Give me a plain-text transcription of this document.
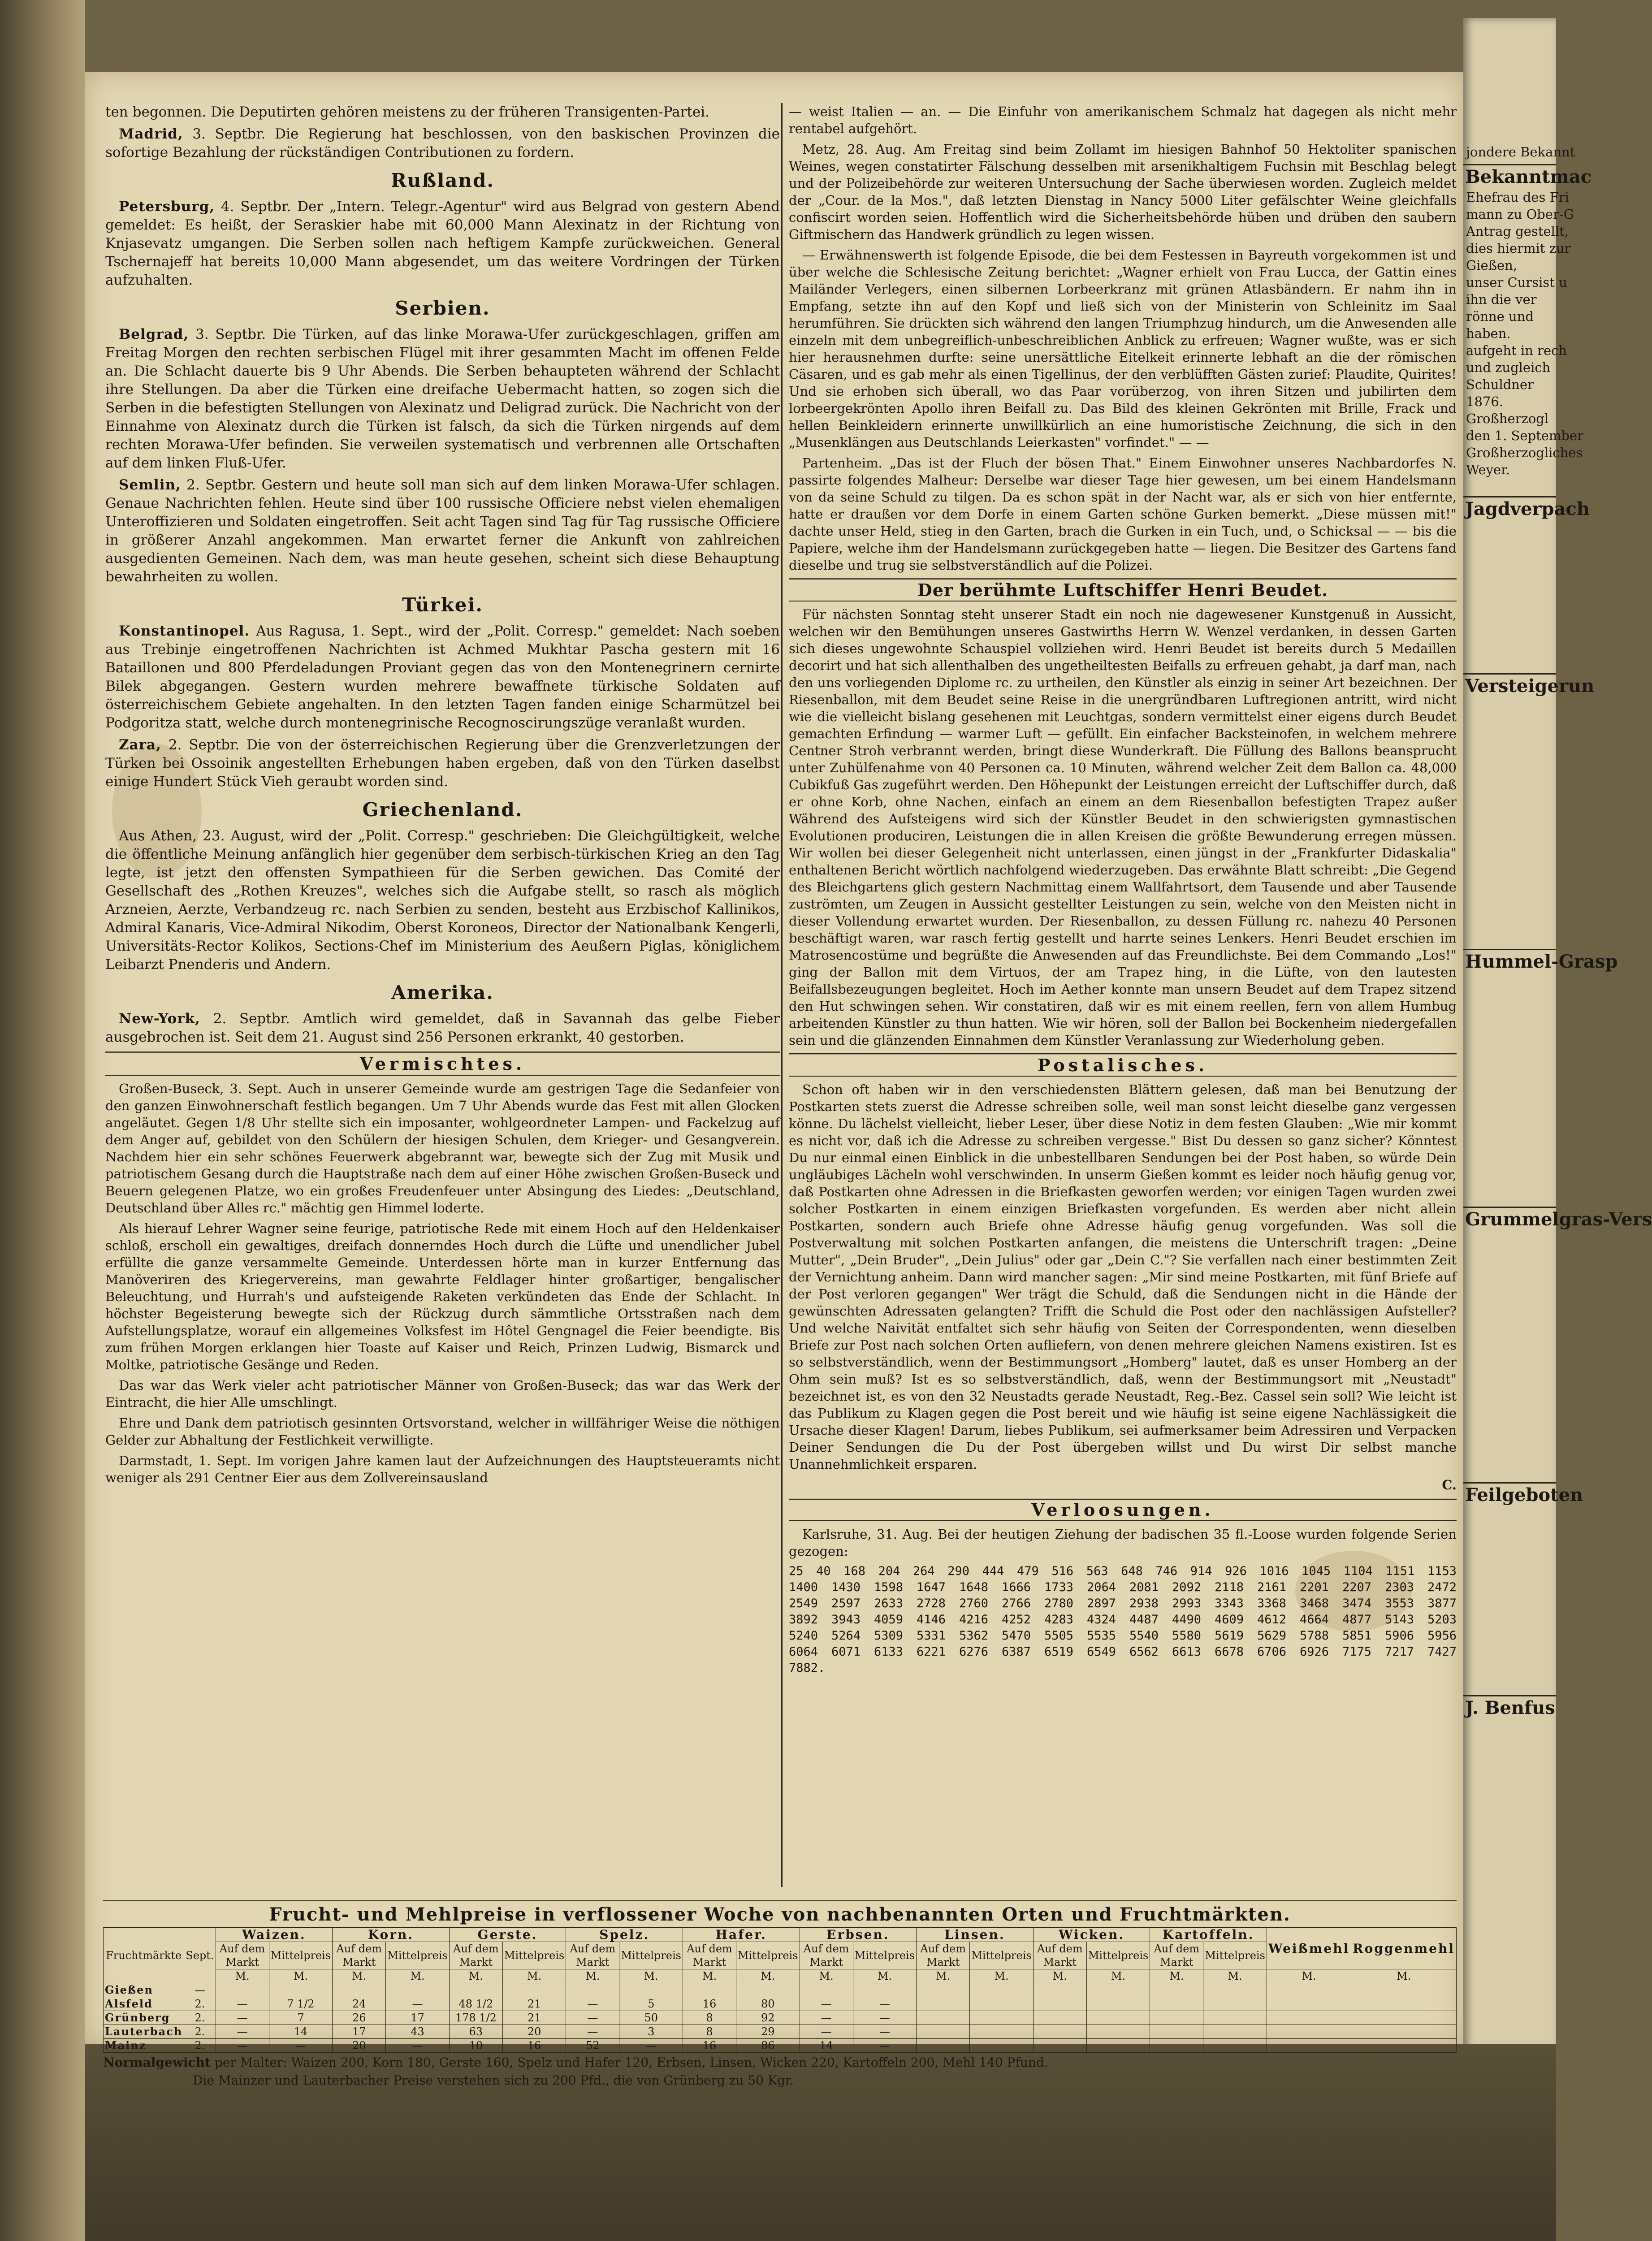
jondere Bekannt
Bekanntmac
Ehefrau des Fri
mann zu Ober-G
Antrag gestellt,
dies hiermit zur
Gießen,
unser Cursist u
ihn die ver
rönne und
haben.
aufgeht in rech
und zugleich
Schuldner
1876.
Großherzogl
den 1. September
Großherzogliches
Weyer.
Jagdverpach
Versteigerun
Hummel-Grasp
Grummelgras-Vers
Feilgeboten
J. Benfus

ten begonnen. Die Deputirten gehören meistens zu der früheren Transigenten-Partei.

Madrid, 3. Septbr. Die Regierung hat beschlossen, von den baskischen Provinzen die sofortige Bezahlung der rückständigen Contributionen zu fordern.

Rußland.

Petersburg, 4. Septbr. Der „Intern. Telegr.-Agentur" wird aus Belgrad von gestern Abend gemeldet: Es heißt, der Seraskier habe mit 60,000 Mann Alexinatz in der Richtung von Knjasevatz umgangen. Die Serben sollen nach heftigem Kampfe zurückweichen. General Tschernajeff hat bereits 10,000 Mann abgesendet, um das weitere Vordringen der Türken aufzuhalten.

Serbien.

Belgrad, 3. Septbr. Die Türken, auf das linke Morawa-Ufer zurückgeschlagen, griffen am Freitag Morgen den rechten serbischen Flügel mit ihrer gesammten Macht im offenen Felde an. Die Schlacht dauerte bis 9 Uhr Abends. Die Serben behaupteten während der Schlacht ihre Stellungen. Da aber die Türken eine dreifache Uebermacht hatten, so zogen sich die Serben in die befestigten Stellungen von Alexinatz und Deligrad zurück. Die Nachricht von der Einnahme von Alexinatz durch die Türken ist falsch, da sich die Türken nirgends auf dem rechten Morawa-Ufer befinden. Sie verweilen systematisch und verbrennen alle Ortschaften auf dem linken Fluß-Ufer.

Semlin, 2. Septbr. Gestern und heute soll man sich auf dem linken Morawa-Ufer schlagen. Genaue Nachrichten fehlen. Heute sind über 100 russische Officiere nebst vielen ehemaligen Unteroffizieren und Soldaten eingetroffen. Seit acht Tagen sind Tag für Tag russische Officiere in größerer Anzahl angekommen. Man erwartet ferner die Ankunft von zahlreichen ausgedienten Gemeinen. Nach dem, was man heute gesehen, scheint sich diese Behauptung bewahrheiten zu wollen.

Türkei.

Konstantinopel. Aus Ragusa, 1. Sept., wird der „Polit. Corresp." gemeldet: Nach soeben aus Trebinje eingetroffenen Nachrichten ist Achmed Mukhtar Pascha gestern mit 16 Bataillonen und 800 Pferdeladungen Proviant gegen das von den Montenegrinern cernirte Bilek abgegangen. Gestern wurden mehrere bewaffnete türkische Soldaten auf österreichischem Gebiete angehalten. In den letzten Tagen fanden einige Scharmützel bei Podgoritza statt, welche durch montenegrinische Recognoscirungszüge veranlaßt wurden.

Zara, 2. Septbr. Die von der österreichischen Regierung über die Grenzverletzungen der Türken bei Ossoinik angestellten Erhebungen haben ergeben, daß von den Türken daselbst einige Hundert Stück Vieh geraubt worden sind.

Griechenland.

Aus Athen, 23. August, wird der „Polit. Corresp." geschrieben: Die Gleichgültigkeit, welche die öffentliche Meinung anfänglich hier gegenüber dem serbisch-türkischen Krieg an den Tag legte, ist jetzt den offensten Sympathieen für die Serben gewichen. Das Comité der Gesellschaft des „Rothen Kreuzes", welches sich die Aufgabe stellt, so rasch als möglich Arzneien, Aerzte, Verbandzeug rc. nach Serbien zu senden, besteht aus Erzbischof Kallinikos, Admiral Kanaris, Vice-Admiral Nikodim, Oberst Koroneos, Director der Nationalbank Kengerli, Universitäts-Rector Kolikos, Sections-Chef im Ministerium des Aeußern Piglas, königlichem Leibarzt Pnenderis und Andern.

Amerika.

New-York, 2. Septbr. Amtlich wird gemeldet, daß in Savannah das gelbe Fieber ausgebrochen ist. Seit dem 21. August sind 256 Personen erkrankt, 40 gestorben.

Vermischtes.

Großen-Buseck, 3. Sept. Auch in unserer Gemeinde wurde am gestrigen Tage die Sedanfeier von den ganzen Einwohnerschaft festlich begangen. Um 7 Uhr Abends wurde das Fest mit allen Glocken angeläutet. Gegen 1/8 Uhr stellte sich ein imposanter, wohlgeordneter Lampen- und Fackelzug auf dem Anger auf, gebildet von den Schülern der hiesigen Schulen, dem Krieger- und Gesangverein. Nachdem hier ein sehr schönes Feuerwerk abgebrannt war, bewegte sich der Zug mit Musik und patriotischem Gesang durch die Hauptstraße nach dem auf einer Höhe zwischen Großen-Buseck und Beuern gelegenen Platze, wo ein großes Freudenfeuer unter Absingung des Liedes: „Deutschland, Deutschland über Alles rc." mächtig gen Himmel loderte.

Als hierauf Lehrer Wagner seine feurige, patriotische Rede mit einem Hoch auf den Heldenkaiser schloß, erscholl ein gewaltiges, dreifach donnerndes Hoch durch die Lüfte und unendlicher Jubel erfüllte die ganze versammelte Gemeinde. Unterdessen hörte man in kurzer Entfernung das Manöveriren des Kriegervereins, man gewahrte Feldlager hinter großartiger, bengalischer Beleuchtung, und Hurrah's und aufsteigende Raketen verkündeten das Ende der Schlacht. In höchster Begeisterung bewegte sich der Rückzug durch sämmtliche Ortsstraßen nach dem Aufstellungsplatze, worauf ein allgemeines Volksfest im Hôtel Gengnagel die Feier beendigte. Bis zum frühen Morgen erklangen hier Toaste auf Kaiser und Reich, Prinzen Ludwig, Bismarck und Moltke, patriotische Gesänge und Reden.

Das war das Werk vieler acht patriotischer Männer von Großen-Buseck; das war das Werk der Eintracht, die hier Alle umschlingt.

Ehre und Dank dem patriotisch gesinnten Ortsvorstand, welcher in willfähriger Weise die nöthigen Gelder zur Abhaltung der Festlichkeit verwilligte.

Darmstadt, 1. Sept. Im vorigen Jahre kamen laut der Aufzeichnungen des Hauptsteueramts nicht weniger als 291 Centner Eier aus dem Zollvereinsausland

— weist Italien — an. — Die Einfuhr von amerikanischem Schmalz hat dagegen als nicht mehr rentabel aufgehört.

Metz, 28. Aug. Am Freitag sind beim Zollamt im hiesigen Bahnhof 50 Hektoliter spanischen Weines, wegen constatirter Fälschung desselben mit arsenikhaltigem Fuchsin mit Beschlag belegt und der Polizeibehörde zur weiteren Untersuchung der Sache überwiesen worden. Zugleich meldet der „Cour. de la Mos.", daß letzten Dienstag in Nancy 5000 Liter gefälschter Weine gleichfalls confiscirt worden seien. Hoffentlich wird die Sicherheitsbehörde hüben und drüben den saubern Giftmischern das Handwerk gründlich zu legen wissen.

— Erwähnenswerth ist folgende Episode, die bei dem Festessen in Bayreuth vorgekommen ist und über welche die Schlesische Zeitung berichtet: „Wagner erhielt von Frau Lucca, der Gattin eines Mailänder Verlegers, einen silbernen Lorbeerkranz mit grünen Atlasbändern. Er nahm ihn in Empfang, setzte ihn auf den Kopf und ließ sich von der Ministerin von Schleinitz im Saal herumführen. Sie drückten sich während den langen Triumphzug hindurch, um die Anwesenden alle einzeln mit dem unbegreiflich-unbeschreiblichen Anblick zu erfreuen; Wagner wußte, was er sich hier herausnehmen durfte: seine unersättliche Eitelkeit erinnerte lebhaft an die der römischen Cäsaren, und es gab mehr als einen Tigellinus, der den verblüfften Gästen zurief: Plaudite, Quirites! Und sie erhoben sich überall, wo das Paar vorüberzog, von ihren Sitzen und jubilirten dem lorbeergekrönten Apollo ihren Beifall zu. Das Bild des kleinen Gekrönten mit Brille, Frack und hellen Beinkleidern erinnerte unwillkürlich an eine humoristische Zeichnung, die sich in den „Musenklängen aus Deutschlands Leierkasten" vorfindet." — —

Partenheim. „Das ist der Fluch der bösen That." Einem Einwohner unseres Nachbardorfes N. passirte folgendes Malheur: Derselbe war dieser Tage hier gewesen, um bei einem Handelsmann von da seine Schuld zu tilgen. Da es schon spät in der Nacht war, als er sich von hier entfernte, hatte er draußen vor dem Dorfe in einem Garten schöne Gurken bemerkt. „Diese müssen mit!" dachte unser Held, stieg in den Garten, brach die Gurken in ein Tuch, und, o Schicksal — — bis die Papiere, welche ihm der Handelsmann zurückgegeben hatte — liegen. Die Besitzer des Gartens fand dieselbe und trug sie selbstverständlich auf die Polizei.

Der berühmte Luftschiffer Henri Beudet.

Für nächsten Sonntag steht unserer Stadt ein noch nie dagewesener Kunstgenuß in Aussicht, welchen wir den Bemühungen unseres Gastwirths Herrn W. Wenzel verdanken, in dessen Garten sich dieses ungewohnte Schauspiel vollziehen wird. Henri Beudet ist bereits durch 5 Medaillen decorirt und hat sich allenthalben des ungetheiltesten Beifalls zu erfreuen gehabt, ja darf man, nach den uns vorliegenden Diplome rc. zu urtheilen, den Künstler als einzig in seiner Art bezeichnen. Der Riesenballon, mit dem Beudet seine Reise in die unergründbaren Luftregionen antritt, wird nicht wie die vielleicht bislang gesehenen mit Leuchtgas, sondern vermittelst einer eigens durch Beudet gemachten Erfindung — warmer Luft — gefüllt. Ein einfacher Backsteinofen, in welchem mehrere Centner Stroh verbrannt werden, bringt diese Wunderkraft. Die Füllung des Ballons beansprucht unter Zuhülfenahme von 40 Personen ca. 10 Minuten, während welcher Zeit dem Ballon ca. 48,000 Cubikfuß Gas zugeführt werden. Den Höhepunkt der Leistungen erreicht der Luftschiffer durch, daß er ohne Korb, ohne Nachen, einfach an einem an dem Riesenballon befestigten Trapez außer Während des Aufsteigens wird sich der Künstler Beudet in den schwierigsten gymnastischen Evolutionen produciren, Leistungen die in allen Kreisen die größte Bewunderung erregen müssen. Wir wollen bei dieser Gelegenheit nicht unterlassen, einen jüngst in der „Frankfurter Didaskalia" enthaltenen Bericht wörtlich nachfolgend wiederzugeben. Das erwähnte Blatt schreibt: „Die Gegend des Bleichgartens glich gestern Nachmittag einem Wallfahrtsort, dem Tausende und aber Tausende zuströmten, um Zeugen in Aussicht gestellter Leistungen zu sein, welche von den Meisten nicht in dieser Vollendung erwartet wurden. Der Riesenballon, zu dessen Füllung rc. nahezu 40 Personen beschäftigt waren, war rasch fertig gestellt und harrte seines Lenkers. Henri Beudet erschien im Matrosencostüme und begrüßte die Anwesenden auf das Freundlichste. Bei dem Commando „Los!" ging der Ballon mit dem Virtuos, der am Trapez hing, in die Lüfte, von den lautesten Beifallsbezeugungen begleitet. Hoch im Aether konnte man unsern Beudet auf dem Trapez sitzend den Hut schwingen sehen. Wir constatiren, daß wir es mit einem reellen, fern von allem Humbug arbeitenden Künstler zu thun hatten. Wie wir hören, soll der Ballon bei Bockenheim niedergefallen sein und die glänzenden Einnahmen dem Künstler Veranlassung zur Wiederholung geben.

Postalisches.

Schon oft haben wir in den verschiedensten Blättern gelesen, daß man bei Benutzung der Postkarten stets zuerst die Adresse schreiben solle, weil man sonst leicht dieselbe ganz vergessen könne. Du lächelst vielleicht, lieber Leser, über diese Notiz in dem festen Glauben: „Wie mir kommt es nicht vor, daß ich die Adresse zu schreiben vergesse." Bist Du dessen so ganz sicher? Könntest Du nur einmal einen Einblick in die unbestellbaren Sendungen bei der Post haben, so würde Dein ungläubiges Lächeln wohl verschwinden. In unserm Gießen kommt es leider noch häufig genug vor, daß Postkarten ohne Adressen in die Briefkasten geworfen werden; vor einigen Tagen wurden zwei solcher Postkarten in einem einzigen Briefkasten vorgefunden. Es werden aber nicht allein Postkarten, sondern auch Briefe ohne Adresse häufig genug vorgefunden. Was soll die Postverwaltung mit solchen Postkarten anfangen, die meistens die Unterschrift tragen: „Deine Mutter", „Dein Bruder", „Dein Julius" oder gar „Dein C."? Sie verfallen nach einer bestimmten Zeit der Vernichtung anheim. Dann wird mancher sagen: „Mir sind meine Postkarten, mit fünf Briefe auf der Post verloren gegangen" Wer trägt die Schuld, daß die Sendungen nicht in die Hände der gewünschten Adressaten gelangten? Trifft die Schuld die Post oder den nachlässigen Aufsteller? Und welche Naivität entfaltet sich sehr häufig von Seiten der Correspondenten, wenn dieselben Briefe zur Post nach solchen Orten aufliefern, von denen mehrere gleichen Namens existiren. Ist es so selbstverständlich, wenn der Bestimmungsort „Homberg" lautet, daß es unser Homberg an der Ohm sein muß? Ist es so selbstverständlich, daß, wenn der Bestimmungsort mit „Neustadt" bezeichnet ist, es von den 32 Neustadts gerade Neustadt, Reg.-Bez. Cassel sein soll? Wie leicht ist das Publikum zu Klagen gegen die Post bereit und wie häufig ist seine eigene Nachlässigkeit die Ursache dieser Klagen! Darum, liebes Publikum, sei aufmerksamer beim Adressiren und Verpacken Deiner Sendungen die Du der Post übergeben willst und Du wirst Dir selbst manche Unannehmlichkeit ersparen.

C.
Verloosungen.

Karlsruhe, 31. Aug. Bei der heutigen Ziehung der badischen 35 fl.-Loose wurden folgende Serien gezogen:

25 40 168 204 264 290 444 479 516 563 648 746 914 926 1016 1045 1104 1151 1153 1400 1430 1598 1647 1648 1666 1733 2064 2081 2092 2118 2161 2201 2207 2303 2472 2549 2597 2633 2728 2760 2766 2780 2897 2938 2993 3343 3368 3468 3474 3553 3877 3892 3943 4059 4146 4216 4252 4283 4324 4487 4490 4609 4612 4664 4877 5143 5203 5240 5264 5309 5331 5362 5470 5505 5535 5540 5580 5619 5629 5788 5851 5906 5956 6064 6071 6133 6221 6276 6387 6519 6549 6562 6613 6678 6706 6926 7175 7217 7427 7882.
Frucht- und Mehlpreise in verflossener Woche von nachbenannten Orten und Fruchtmärkten.
Fruchtmärkte	Sept.	Waizen.		Korn.		Gerste.		Spelz.		Hafer.		Erbsen.		Linsen.		Wicken.		Kartoffeln.		Weißmehl	Roggenmehl
		Auf dem Markt	Mittelpreis	Auf dem Markt	Mittelpreis	Auf dem Markt	Mittelpreis	Auf dem Markt	Mittelpreis	Auf dem Markt	Mittelpreis	Auf dem Markt	Mittelpreis	Auf dem Markt	Mittelpreis	Auf dem Markt	Mittelpreis	Auf dem Markt	Mittelpreis		
		M.	M.	M.	M.	M.	M.	M.	M.	M.	M.	M.	M.	M.	M.	M.	M.	M.	M.	M.	M.
Gießen	—																				
Alsfeld	2.	—	7 1/2	24	—	48 1/2	21	—	5	16	80	—	—								
Grünberg	2.	—	7	26	17	178 1/2	21	—	50	8	92	—	—								
Lauterbach	2.	—	14	17	43	63	20	—	3	8	29	—	—								
Mainz	2.	—	—	20	—	10	16	52	—	16	86	14	—								
Normalgewicht per Malter: Waizen 200, Korn 180, Gerste 160, Spelz und Hafer 120, Erbsen, Linsen, Wicken 220, Kartoffeln 200, Mehl 140 Pfund.
Die Mainzer und Lauterbacher Preise verstehen sich zu 200 Pfd., die von Grünberg zu 50 Kgr.
